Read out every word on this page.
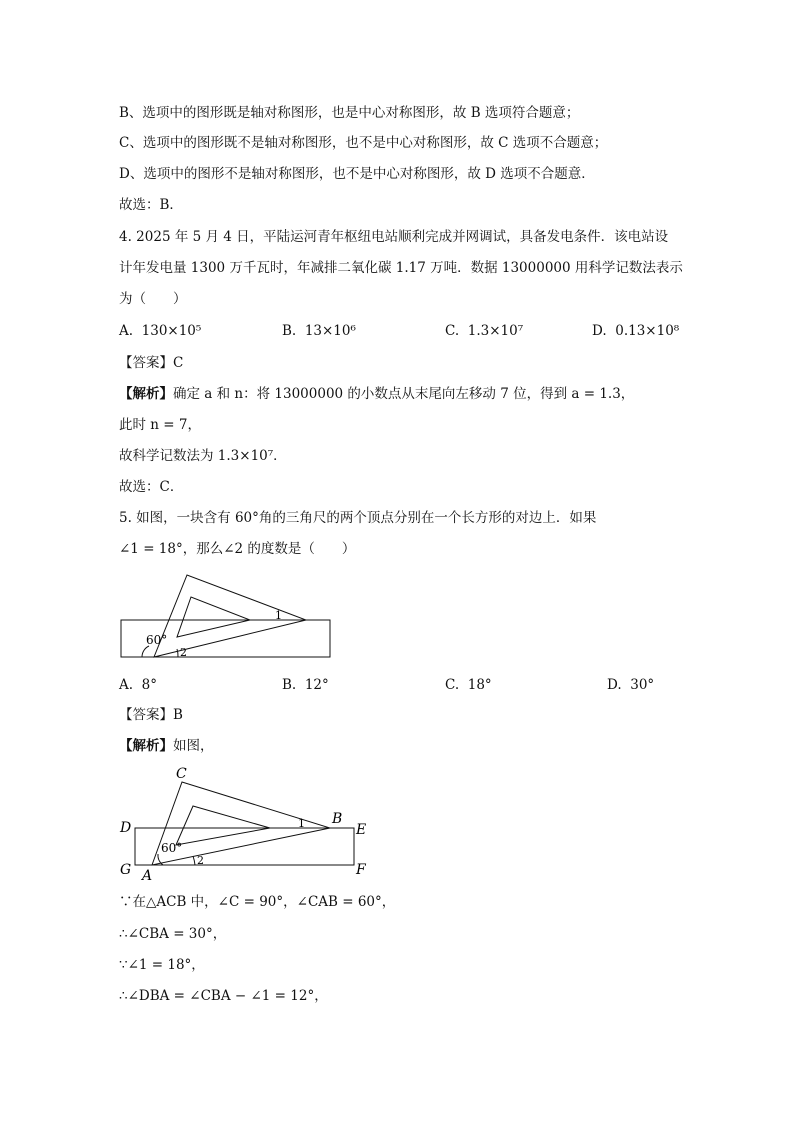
B、选项中的图形既是轴对称图形，也是中心对称图形，故 B 选项符合题意；
C、选项中的图形既不是轴对称图形，也不是中心对称图形，故 C 选项不合题意；
D、选项中的图形不是轴对称图形，也不是中心对称图形，故 D 选项不合题意．
故选：B．
4. 2025 年 5 月 4 日，平陆运河青年枢纽电站顺利完成并网调试，具备发电条件．该电站设
计年发电量 1300 万千瓦时，年减排二氧化碳 1.17 万吨．数据 13000000 用科学记数法表示
为（　　）
A. 130×10⁵	B. 13×10⁶	C. 1.3×10⁷	D. 0.13×10⁸
【答案】C
【解析】确定 a 和 n：将 13000000 的小数点从末尾向左移动 7 位，得到 a = 1.3，
此时 n = 7，
故科学记数法为 1.3×10⁷．
故选：C．
5. 如图，一块含有 60°角的三角尺的两个顶点分别在一个长方形的对边上．如果
∠1 = 18°，那么∠2 的度数是（　　）
60°
1
2
A. 8°	B. 12°	C. 18°	D. 30°
【答案】B
【解析】如图，
C
B
D	E
G A	F
60°
1
2
∵在△ACB 中，∠C = 90°，∠CAB = 60°，
∴∠CBA = 30°，
∵∠1 = 18°，
∴∠DBA = ∠CBA − ∠1 = 12°，
